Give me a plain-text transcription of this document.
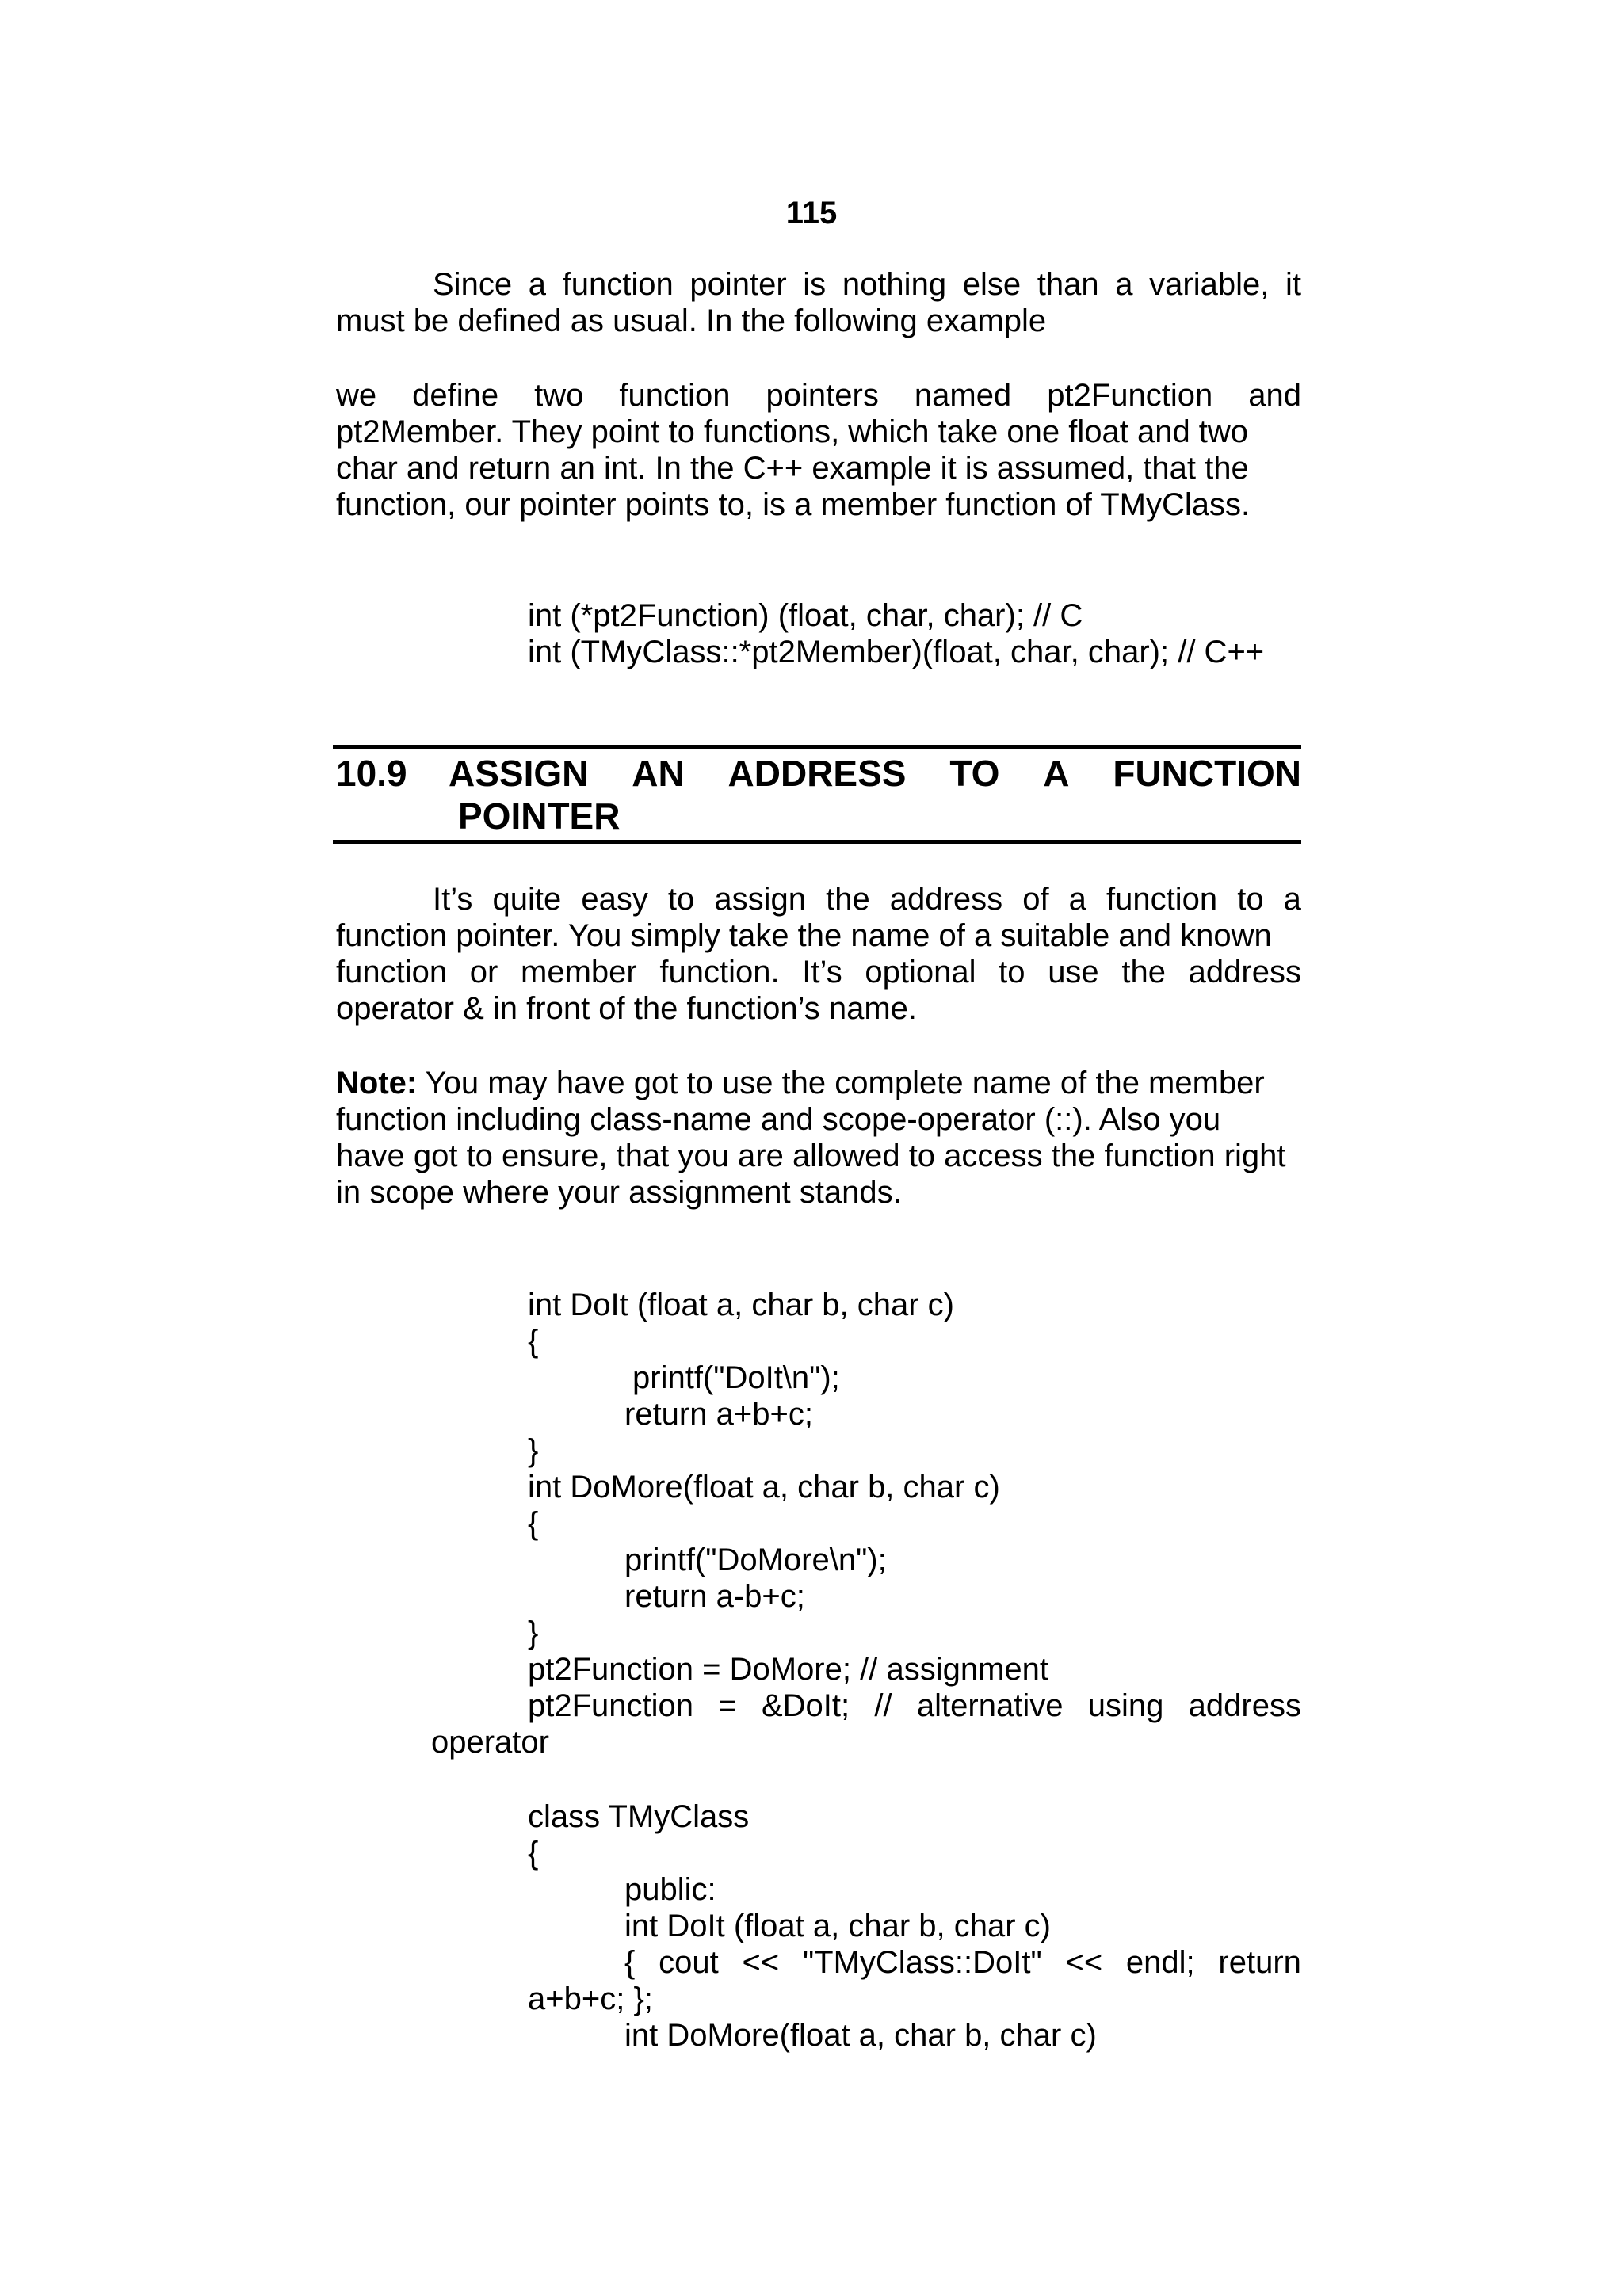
115
Since a function pointer is nothing else than a variable, it
must be defined as usual. In the following example
we define two function pointers named pt2Function and
pt2Member. They point to functions, which take one float and two
char and return an int. In the C++ example it is assumed, that the
function, our pointer points to, is a member function of TMyClass.
int (*pt2Function) (float, char, char); // C
int (TMyClass::*pt2Member)(float, char, char); // C++
10.9 ASSIGN AN ADDRESS TO A FUNCTION
POINTER
It’s quite easy to assign the address of a function to a
function pointer. You simply take the name of a suitable and known
function or member function. It’s optional to use the address
operator & in front of the function’s name.
Note: You may have got to use the complete name of the member
function including class-name and scope-operator (::). Also you
have got to ensure, that you are allowed to access the function right
in scope where your assignment stands.
int DoIt (float a, char b, char c)
{
printf("DoIt\n");
return a+b+c;
}
int DoMore(float a, char b, char c)
{
printf("DoMore\n");
return a-b+c;
}
pt2Function = DoMore; // assignment
pt2Function = &DoIt; // alternative using address
operator
class TMyClass
{
public:
int DoIt (float a, char b, char c)
{ cout << "TMyClass::DoIt" << endl; return
a+b+c; };
int DoMore(float a, char b, char c)
